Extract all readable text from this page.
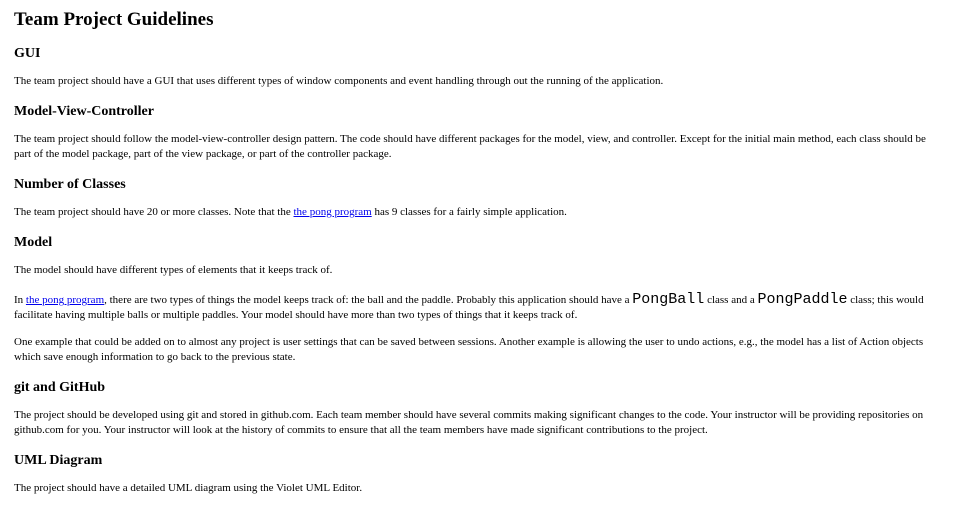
Team Project Guidelines
GUI

The team project should have a GUI that uses different types of window components and event handling through out the running of the application.

Model-View-Controller

The team project should follow the model-view-controller design pattern. The code should have different packages for the model, view, and controller. Except for the initial main method, each class should be part of the model package, part of the view package, or part of the controller package.

Number of Classes

The team project should have 20 or more classes. Note that the the pong program has 9 classes for a fairly simple application.

Model

The model should have different types of elements that it keeps track of.

In the pong program, there are two types of things the model keeps track of: the ball and the paddle. Probably this application should have a PongBall class and a PongPaddle class; this would facilitate having multiple balls or multiple paddles. Your model should have more than two types of things that it keeps track of.

One example that could be added on to almost any project is user settings that can be saved between sessions. Another example is allowing the user to undo actions, e.g., the model has a list of Action objects which save enough information to go back to the previous state.

git and GitHub

The project should be developed using git and stored in github.com. Each team member should have several commits making significant changes to the code. Your instructor will be providing repositories on github.com for you. Your instructor will look at the history of commits to ensure that all the team members have made significant contributions to the project.

UML Diagram

The project should have a detailed UML diagram using the Violet UML Editor.
